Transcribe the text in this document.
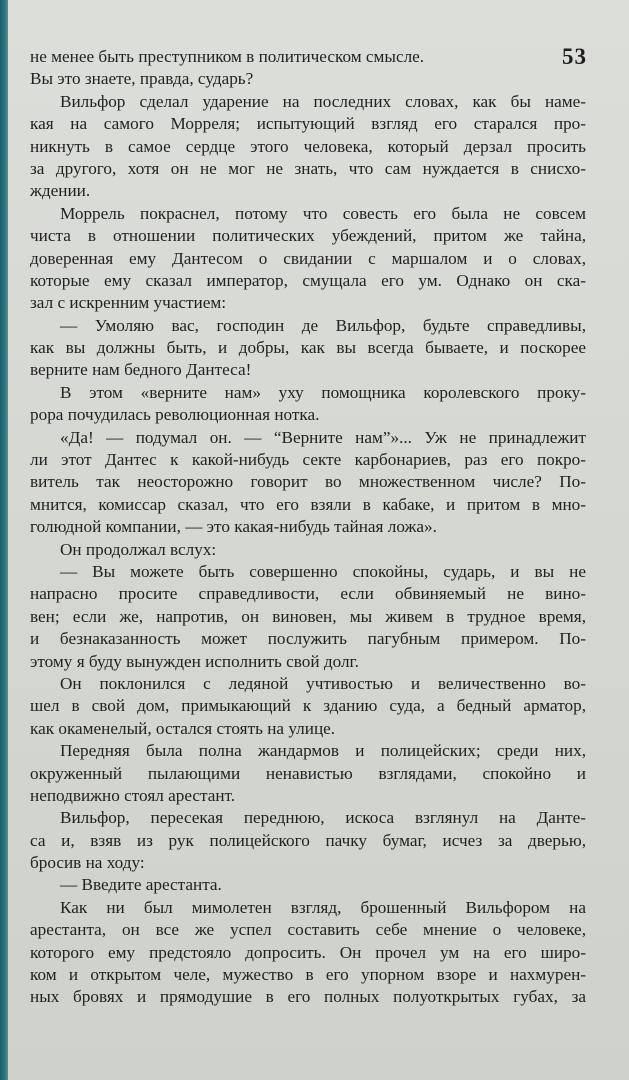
53
не менее быть преступником в политическом смысле.
Вы это знаете, правда, сударь?
Вильфор сделал ударение на последних словах, как бы наме-
кая на самого Морреля; испытующий взгляд его старался про-
никнуть в самое сердце этого человека, который дерзал просить
за другого, хотя он не мог не знать, что сам нуждается в снисхо-
ждении.
Моррель покраснел, потому что совесть его была не совсем
чиста в отношении политических убеждений, притом же тайна,
доверенная ему Дантесом о свидании с маршалом и о словах,
которые ему сказал император, смущала его ум. Однако он ска-
зал с искренним участием:
— Умоляю вас, господин де Вильфор, будьте справедливы,
как вы должны быть, и добры, как вы всегда бываете, и поскорее
верните нам бедного Дантеса!
В этом «верните нам» уху помощника королевского проку-
рора почудилась революционная нотка.
«Да! — подумал он. — “Верните нам”»... Уж не принадлежит
ли этот Дантес к какой-нибудь секте карбонариев, раз его покро-
витель так неосторожно говорит во множественном числе? По-
мнится, комиссар сказал, что его взяли в кабаке, и притом в мно-
голюдной компании, — это какая-нибудь тайная ложа».
Он продолжал вслух:
— Вы можете быть совершенно спокойны, сударь, и вы не
напрасно просите справедливости, если обвиняемый не вино-
вен; если же, напротив, он виновен, мы живем в трудное время,
и безнаказанность может послужить пагубным примером. По-
этому я буду вынужден исполнить свой долг.
Он поклонился с ледяной учтивостью и величественно во-
шел в свой дом, примыкающий к зданию суда, а бедный арматор,
как окаменелый, остался стоять на улице.
Передняя была полна жандармов и полицейских; среди них,
окруженный пылающими ненавистью взглядами, спокойно и
неподвижно стоял арестант.
Вильфор, пересекая переднюю, искоса взглянул на Данте-
са и, взяв из рук полицейского пачку бумаг, исчез за дверью,
бросив на ходу:
— Введите арестанта.
Как ни был мимолетен взгляд, брошенный Вильфором на
арестанта, он все же успел составить себе мнение о человеке,
которого ему предстояло допросить. Он прочел ум на его широ-
ком и открытом челе, мужество в его упорном взоре и нахмурен-
ных бровях и прямодушие в его полных полуоткрытых губах, за
